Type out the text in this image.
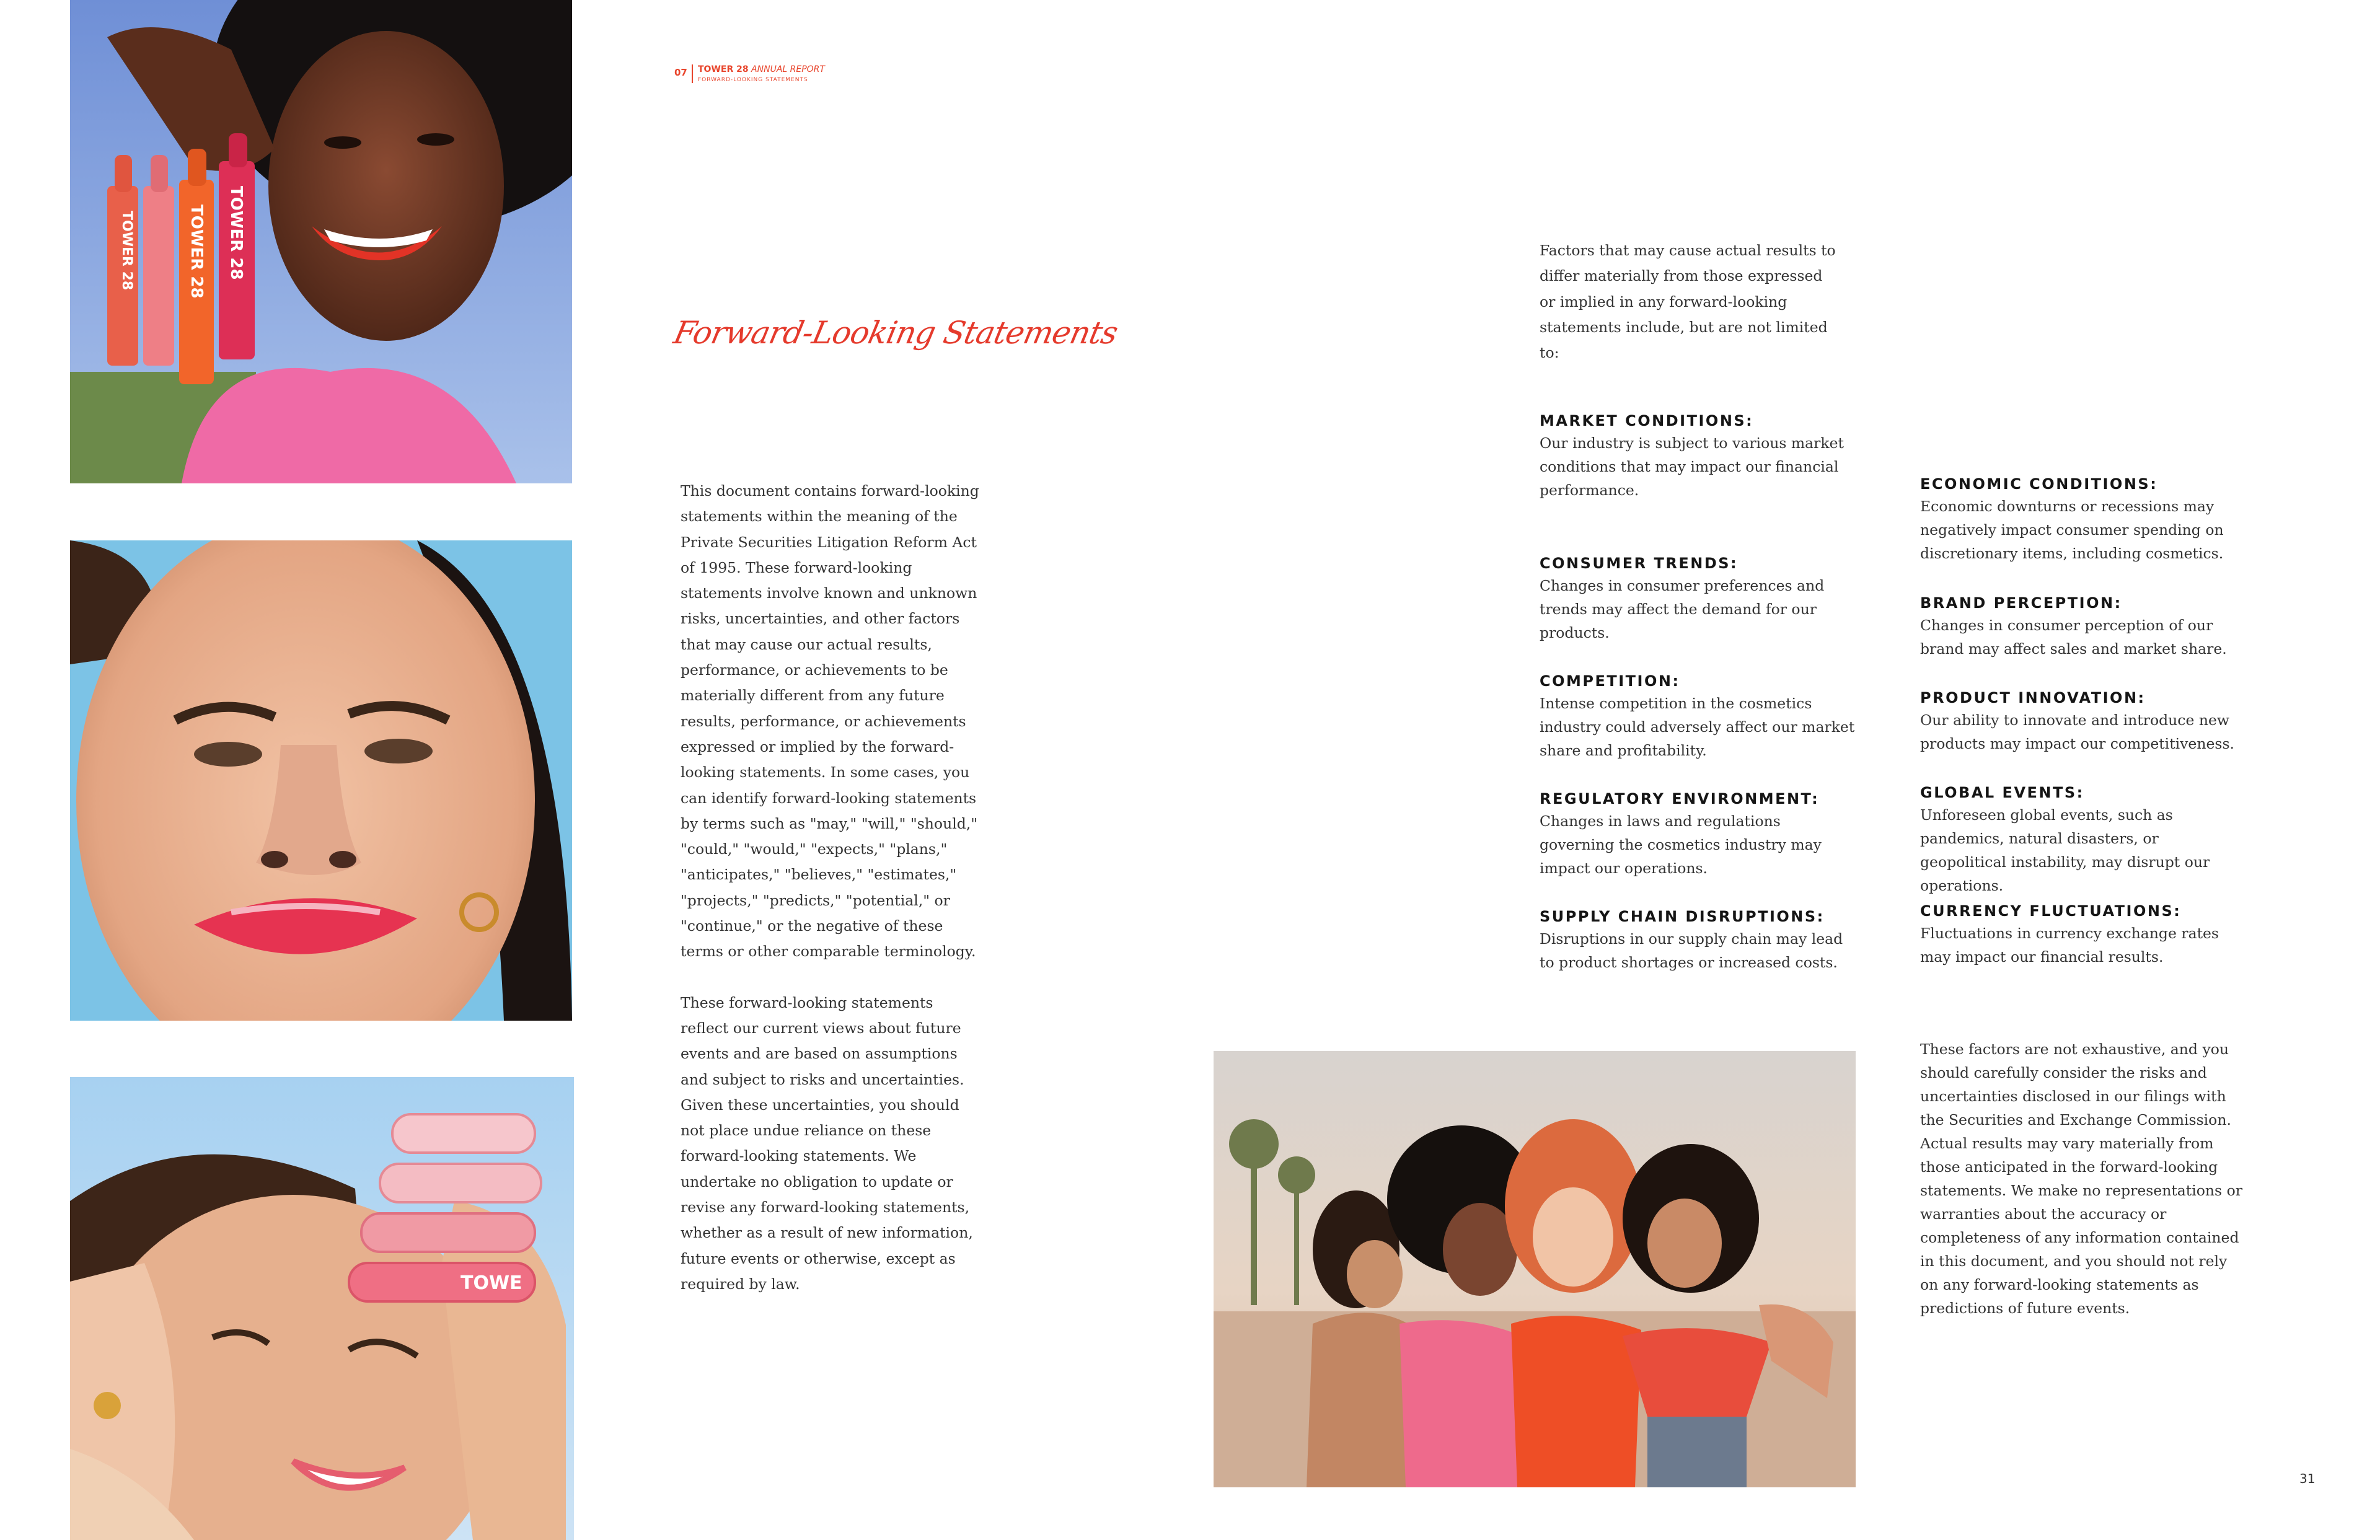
TOWER 28	TOWER 28 TOWER 28
TOWE
07 TOWER 28 ANNUAL REPORT
FORWARD-LOOKING STATEMENTS
Forward-Looking Statements

This document contains forward-looking statements within the meaning of the Private Securities Litigation Reform Act of 1995. These forward-looking statements involve known and unknown risks, uncertainties, and other factors that may cause our actual results, performance, or achievements to be materially different from any future results, performance, or achievements expressed or implied by the forward-looking statements. In some cases, you can identify forward-looking statements by terms such as "may," "will," "should," "could," "would," "expects," "plans," "anticipates," "believes," "estimates," "projects," "predicts," "potential," or "continue," or the negative of these terms or other comparable terminology.

These forward-looking statements reflect our current views about future events and are based on assumptions and subject to risks and uncertainties. Given these uncertainties, you should not place undue reliance on these forward-looking statements. We undertake no obligation to update or revise any forward-looking statements, whether as a result of new information, future events or otherwise, except as required by law.

Factors that may cause actual results to differ materially from those expressed or implied in any forward-looking statements include, but are not limited to:
MARKET CONDITIONS:
Our industry is subject to various market conditions that may impact our financial performance.
CONSUMER TRENDS:
Changes in consumer preferences and trends may affect the demand for our products.
COMPETITION:
Intense competition in the cosmetics industry could adversely affect our market share and profitability.
REGULATORY ENVIRONMENT:
Changes in laws and regulations governing the cosmetics industry may impact our operations.
SUPPLY CHAIN DISRUPTIONS:
Disruptions in our supply chain may lead to product shortages or increased costs.
ECONOMIC CONDITIONS:
Economic downturns or recessions may negatively impact consumer spending on discretionary items, including cosmetics.
BRAND PERCEPTION:
Changes in consumer perception of our brand may affect sales and market share.
PRODUCT INNOVATION:
Our ability to innovate and introduce new products may impact our competitiveness.
GLOBAL EVENTS:
Unforeseen global events, such as pandemics, natural disasters, or geopolitical instability, may disrupt our operations.
CURRENCY FLUCTUATIONS:
Fluctuations in currency exchange rates may impact our financial results.
These factors are not exhaustive, and you should carefully consider the risks and uncertainties disclosed in our filings with the Securities and Exchange Commission. Actual results may vary materially from those anticipated in the forward-looking statements. We make no representations or warranties about the accuracy or completeness of any information contained in this document, and you should not rely on any forward-looking statements as predictions of future events.
31
